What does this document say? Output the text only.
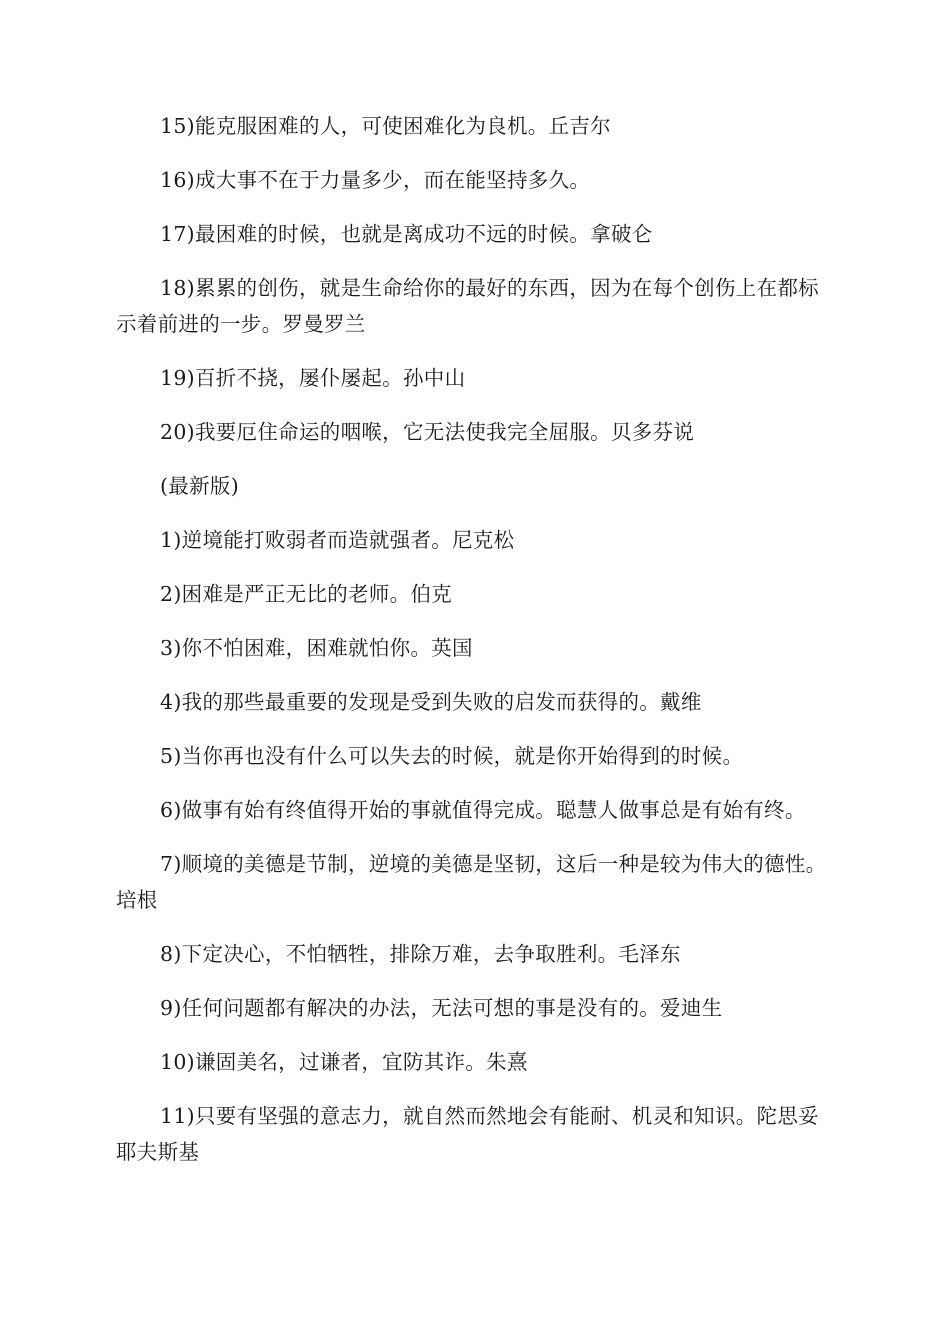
15)能克服困难的人，可使困难化为良机。丘吉尔

16)成大事不在于力量多少，而在能坚持多久。

17)最困难的时候，也就是离成功不远的时候。拿破仑

18)累累的创伤，就是生命给你的最好的东西，因为在每个创伤上在都标示着前进的一步。罗曼罗兰

19)百折不挠，屡仆屡起。孙中山

20)我要厄住命运的咽喉，它无法使我完全屈服。贝多芬说

(最新版)

1)逆境能打败弱者而造就强者。尼克松

2)困难是严正无比的老师。伯克

3)你不怕困难，困难就怕你。英国

4)我的那些最重要的发现是受到失败的启发而获得的。戴维

5)当你再也没有什么可以失去的时候，就是你开始得到的时候。

6)做事有始有终值得开始的事就值得完成。聪慧人做事总是有始有终。

7)顺境的美德是节制，逆境的美德是坚韧，这后一种是较为伟大的德性。培根

8)下定决心，不怕牺牲，排除万难，去争取胜利。毛泽东

9)任何问题都有解决的办法，无法可想的事是没有的。爱迪生

10)谦固美名，过谦者，宜防其诈。朱熹

11)只要有坚强的意志力，就自然而然地会有能耐、机灵和知识。陀思妥耶夫斯基
